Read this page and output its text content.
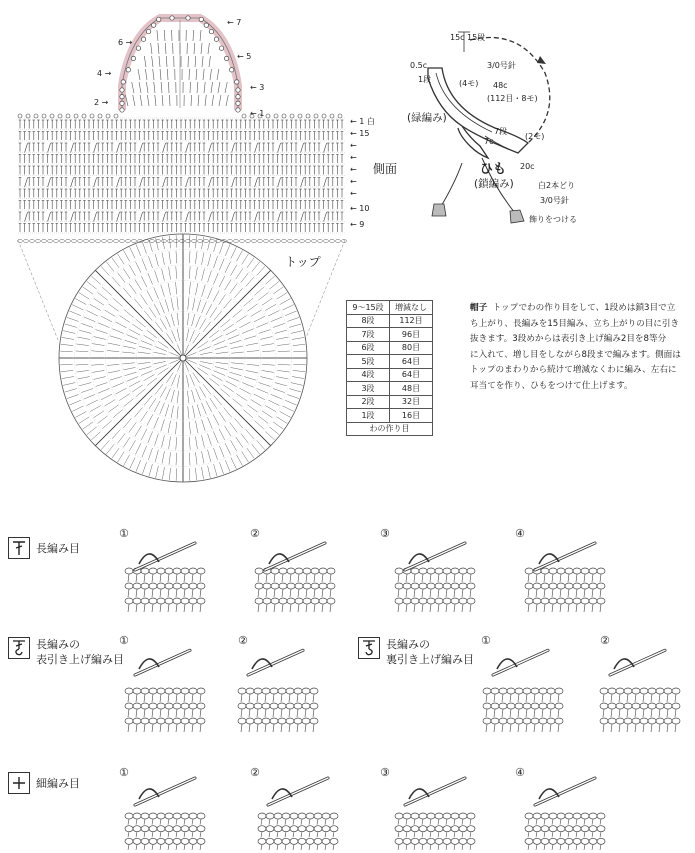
← 7
6 →
← 5
4 →
← 3
2 →
← 1
← 1 白
← 15
←
←
←
←
←
← 10
← 9
側面
トップ
15c 15段
0.5c
1段
3/0号針
(4モ) 48c
(112目・8モ)
7c
7段
(2モ)
(緑編み)
ひも 20c
(鎖編み)	白2本どり
3/0号針
飾りをつける
9〜15段	増減なし
8段	112目
7段	96目
6段	80目
5段	64目
4段	64目
3段	48目
2段	32目
1段	16目
わの作り目	
帽子 トップでわの作り目をして、1段めは鎖3目で立
ち上がり、長編みを15目編み、立ち上がりの目に引き
抜きます。3段めからは表引き上げ編み2目を8等分
に入れて、増し目をしながら8段まで編みます。側面は
トップのまわりから続けて増減なくわに編み、左右に
耳当てを作り、ひもをつけて仕上げます。
長編み目
長編みの
表引き上げ編み目
長編みの
裏引き上げ編み目
細編み目
①	②	③	④
①	②	①	②
①	②	③	④
